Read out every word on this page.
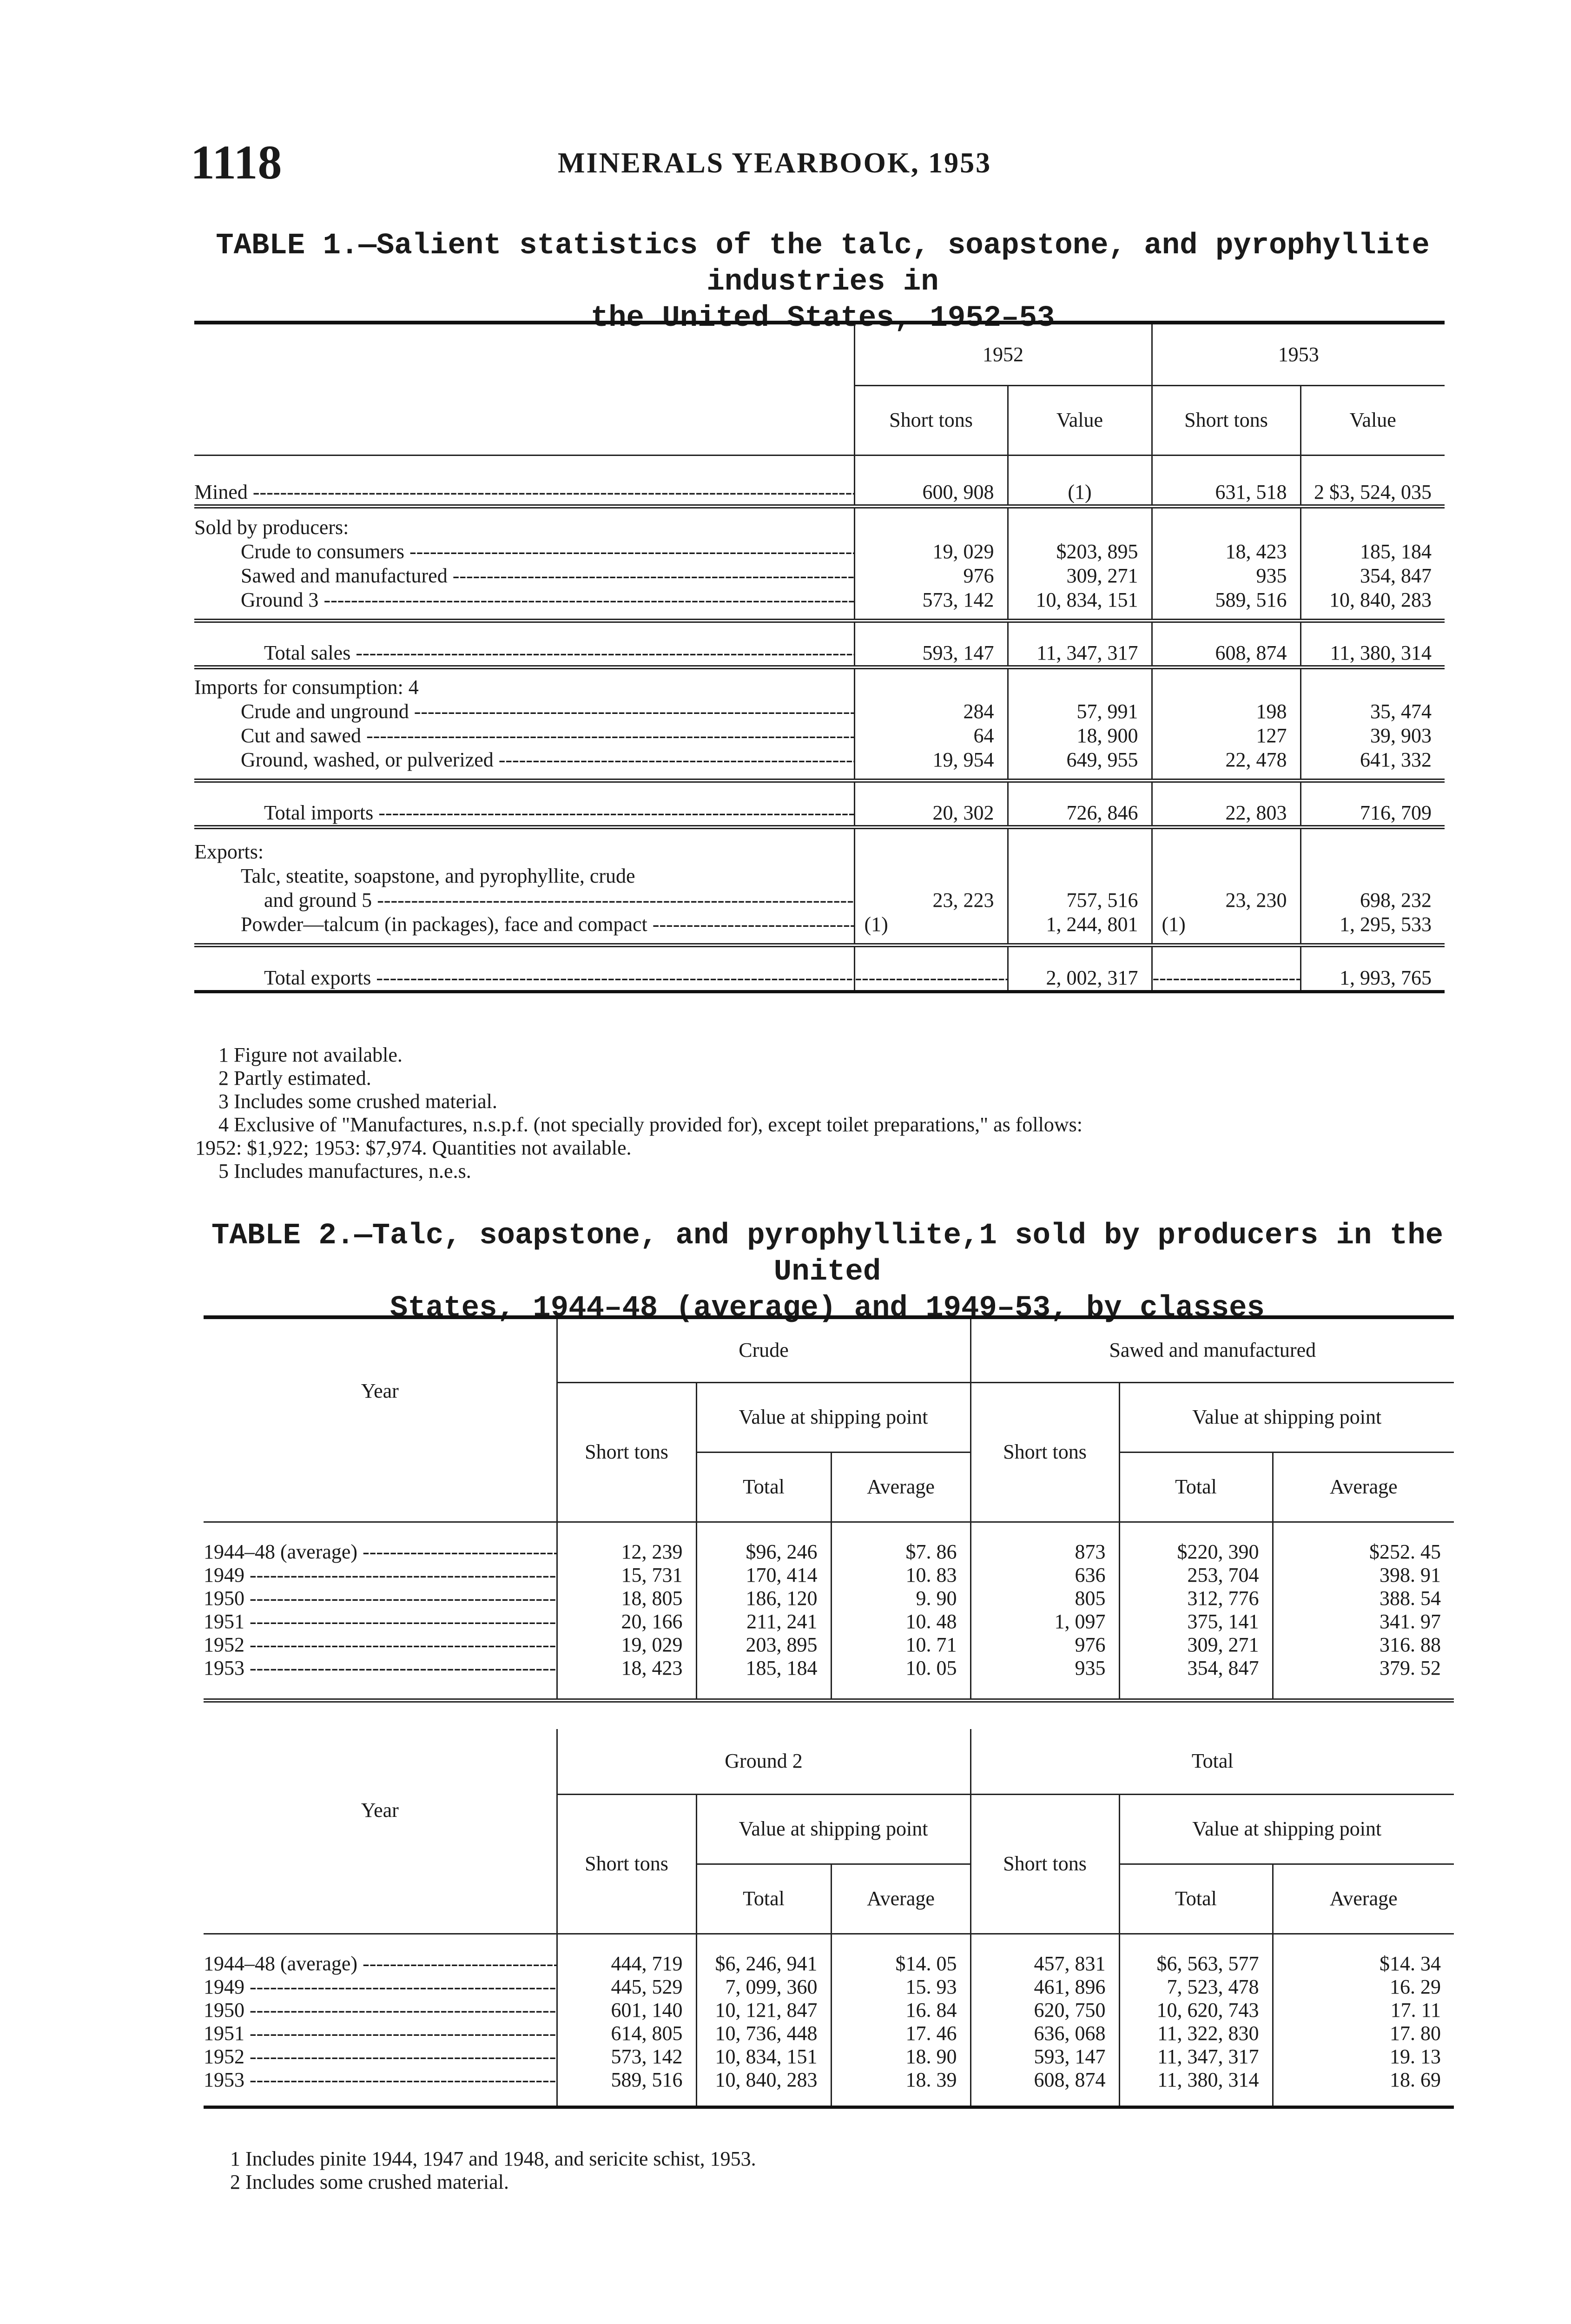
1118	MINERALS YEARBOOK, 1953
TABLE 1.—Salient statistics of the talc, soapstone, and pyrophyllite industries in
the United States, 1952–53
	1952		1953	
	Short tons	Value	Short tons	Value
Mined -----	600, 908	(1)	631, 518	2 $3, 524, 035
Sold by producers:				
Crude to consumers -----	19, 029	$203, 895	18, 423	185, 184
Sawed and manufactured -----	976	309, 271	935	354, 847
Ground 3 -----	573, 142	10, 834, 151	589, 516	10, 840, 283
Total sales -----	593, 147	11, 347, 317	608, 874	11, 380, 314
Imports for consumption: 4				
Crude and unground -----	284	57, 991	198	35, 474
Cut and sawed -----	64	18, 900	127	39, 903
Ground, washed, or pulverized -----	19, 954	649, 955	22, 478	641, 332
Total imports -----	20, 302	726, 846	22, 803	716, 709
Exports:				
Talc, steatite, soapstone, and pyrophyllite, crude				
and ground 5 -----	23, 223	757, 516	23, 230	698, 232
Powder—talcum (in packages), face and compact -----	(1)	1, 244, 801	(1)	1, 295, 533
Total exports -----	-----	2, 002, 317	-----	1, 993, 765

1 Figure not available.

2 Partly estimated.

3 Includes some crushed material.

4 Exclusive of "Manufactures, n.s.p.f. (not specially provided for), except toilet preparations," as follows:

1952: $1,922; 1953: $7,974. Quantities not available.

5 Includes manufactures, n.e.s.

TABLE 2.—Talc, soapstone, and pyrophyllite,1 sold by producers in the United
States, 1944–48 (average) and 1949–53, by classes
Year	Crude			Sawed and manufactured		
	Short tons	Value at shipping point		Short tons	Value at shipping point	
		Total	Average		Total	Average

1944–48 (average) -----	12, 239	$96, 246	$7. 86	873	$220, 390	$252. 45
1949 -----	15, 731	170, 414	10. 83	636	253, 704	398. 91
1950 -----	18, 805	186, 120	9. 90	805	312, 776	388. 54
1951 -----	20, 166	211, 241	10. 48	1, 097	375, 141	341. 97
1952 -----	19, 029	203, 895	10. 71	976	309, 271	316. 88
1953 -----	18, 423	185, 184	10. 05	935	354, 847	379. 52
Year	Ground 2			Total		
	Short tons	Value at shipping point		Short tons	Value at shipping point	
		Total	Average		Total	Average

1944–48 (average) -----	444, 719	$6, 246, 941	$14. 05	457, 831	$6, 563, 577	$14. 34
1949 -----	445, 529	7, 099, 360	15. 93	461, 896	7, 523, 478	16. 29
1950 -----	601, 140	10, 121, 847	16. 84	620, 750	10, 620, 743	17. 11
1951 -----	614, 805	10, 736, 448	17. 46	636, 068	11, 322, 830	17. 80
1952 -----	573, 142	10, 834, 151	18. 90	593, 147	11, 347, 317	19. 13
1953 -----	589, 516	10, 840, 283	18. 39	608, 874	11, 380, 314	18. 69

1 Includes pinite 1944, 1947 and 1948, and sericite schist, 1953.

2 Includes some crushed material.
